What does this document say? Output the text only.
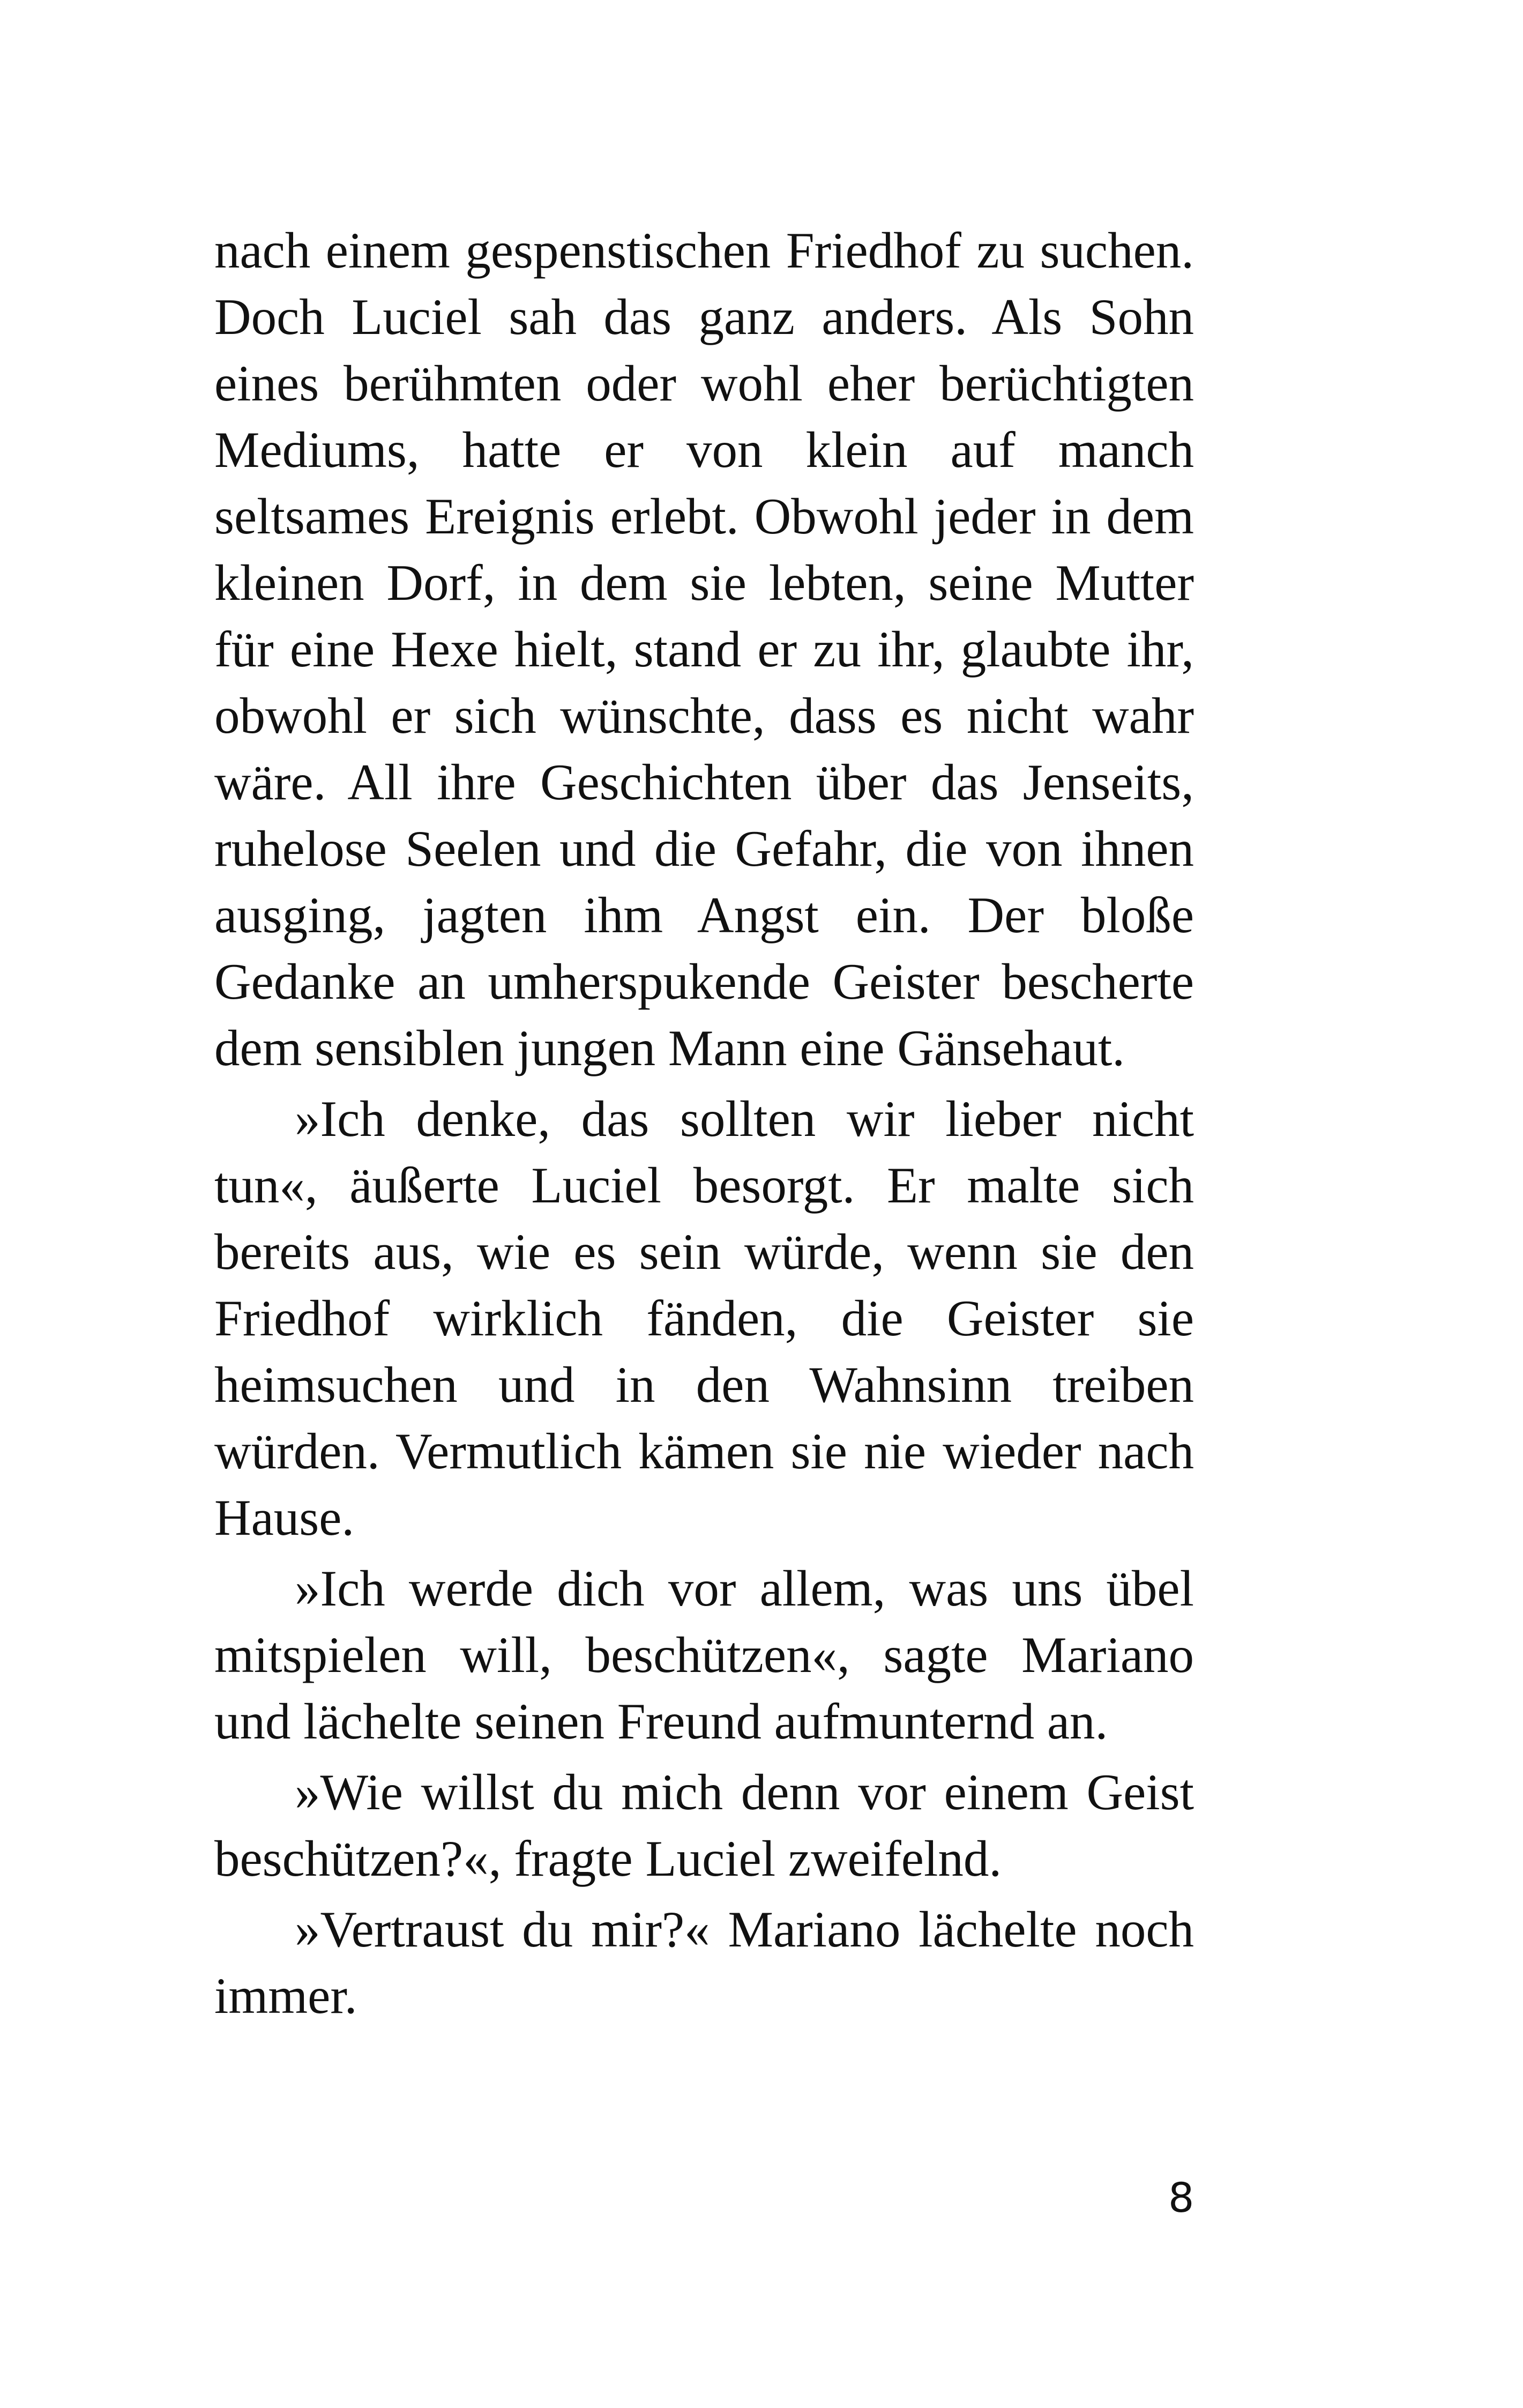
nach einem gespenstischen Friedhof zu suchen. Doch Luciel sah das ganz anders. Als Sohn eines berühmten oder wohl eher berüchtigten Mediums, hatte er von klein auf manch seltsames Ereignis erlebt. Obwohl jeder in dem kleinen Dorf, in dem sie lebten, seine Mutter für eine Hexe hielt, stand er zu ihr, glaubte ihr, obwohl er sich wünschte, dass es nicht wahr wäre. All ihre Geschichten über das Jenseits, ruhelose Seelen und die Gefahr, die von ihnen ausging, jagten ihm Angst ein. Der bloße Gedanke an umherspukende Geister bescherte dem sensiblen jungen Mann eine Gänsehaut.

»Ich denke, das sollten wir lieber nicht tun«, äußerte Luciel besorgt. Er malte sich bereits aus, wie es sein würde, wenn sie den Friedhof wirklich fänden, die Geister sie heimsuchen und in den Wahnsinn treiben würden. Vermutlich kämen sie nie wieder nach Hause.

»Ich werde dich vor allem, was uns übel mitspielen will, beschützen«, sagte Mariano und lächelte seinen Freund aufmunternd an.

»Wie willst du mich denn vor einem Geist beschützen?«, fragte Luciel zweifelnd.

»Vertraust du mir?« Mariano lächelte noch immer.

8
